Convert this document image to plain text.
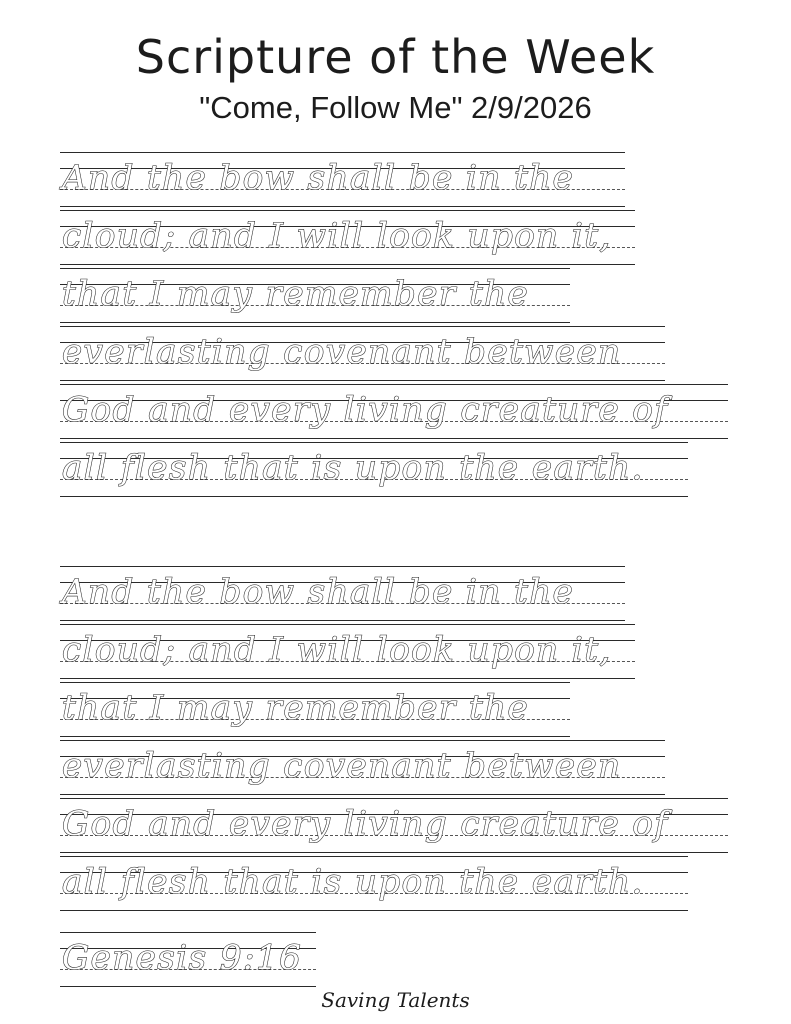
Scripture of the Week
"Come, Follow Me" 2/9/2026
And the bow shall be in the
cloud; and I will look upon it,
that I may remember the
everlasting covenant between
God and every living creature of
all flesh that is upon the earth.
And the bow shall be in the
cloud; and I will look upon it,
that I may remember the
everlasting covenant between
God and every living creature of
all flesh that is upon the earth.
Genesis 9:16
Saving Talents
